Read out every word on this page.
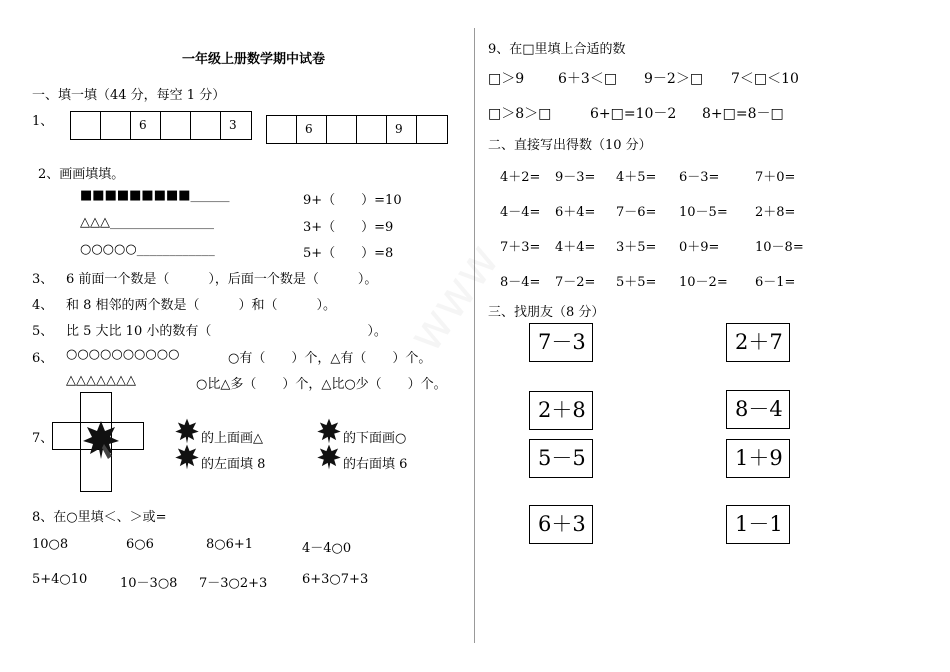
一年级上册数学期中试卷
一、填一填（44 分，每空 1 分）
1、	6	3	6	9
2、画画填填。
■■■■■■■■■______	9+（　　）=10
△△△________________	3+（　　）=9
○○○○○____________	5+（　　）=8
3、 6 前面一个数是（　　　），后面一个数是（　　　）。
4、 和 8 相邻的两个数是（　　　）和（　　　）。
5、 比 5 大比 10 小的数有（　　　　　　　　　　　　）。
6、 ○○○○○○○○○○	○有（　　）个，△有（　　）个。
△△△△△△△	○比△多（　　）个，△比○少（　　）个。
7、	的上面画△	的下面画○
的左面填 8	的右面填 6
8、在○里填＜、＞或=
10○8	6○6	8○6+1	4－4○0
5+4○10	10－3○8 7－3○2+3	6+3○7+3
9、在□里填上合适的数
□＞9 6＋3＜□ 9－2＞□ 7＜□＜10
□＞8＞□	6+□=10－2 8+□=8－□
二、直接写出得数（10 分）
4＋2= 9－3= 4＋5= 6－3=	7＋0=
4－4= 6＋4= 7－6= 10－5= 2＋8=
7＋3= 4＋4= 3＋5= 0＋9=	10－8=
8－4= 7－2= 5＋5= 10－2= 6－1=
三、找朋友（8 分）
7－3
2＋8
5－5
6＋3
2＋7
8－4
1＋9
1－1
